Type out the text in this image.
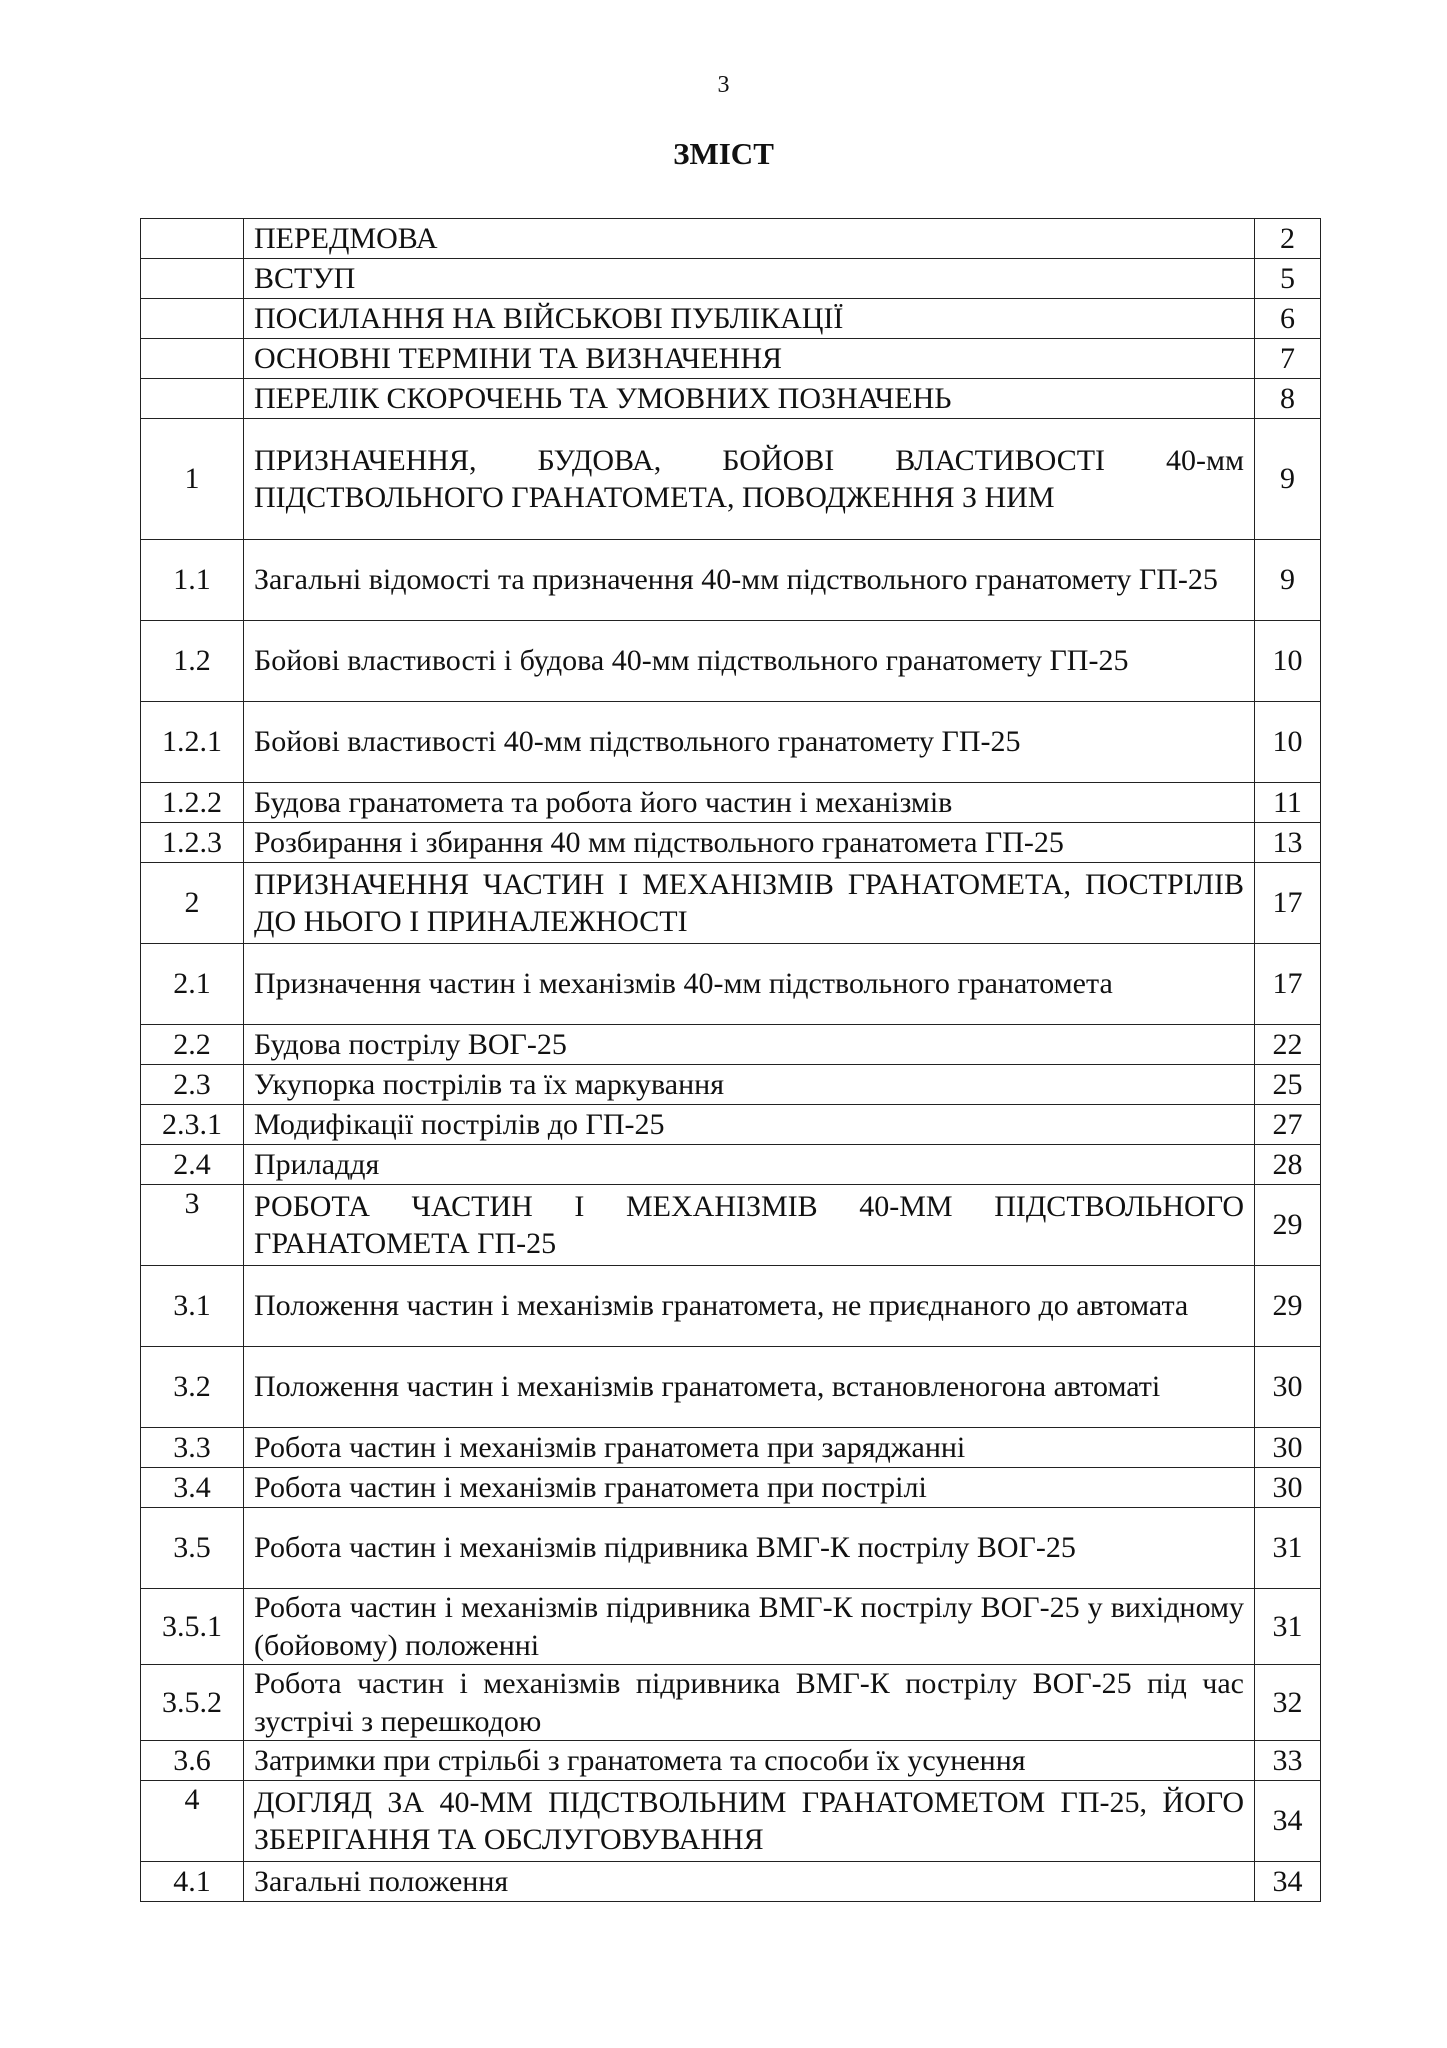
3
ЗМІСТ
	ПЕРЕДМОВА	2
	ВСТУП	5
	ПОСИЛАННЯ НА ВІЙСЬКОВІ ПУБЛІКАЦІЇ	6
	ОСНОВНІ ТЕРМІНИ ТА ВИЗНАЧЕННЯ	7
	ПЕРЕЛІК СКОРОЧЕНЬ ТА УМОВНИХ ПОЗНАЧЕНЬ	8
1	ПРИЗНАЧЕННЯ, БУДОВА, БОЙОВІ ВЛАСТИВОСТІ 40-мм ПІДСТВОЛЬНОГО ГРАНАТОМЕТА, ПОВОДЖЕННЯ З НИМ	9
1.1	Загальні відомості та призначення 40-мм підствольного гранатомету ГП-25	9
1.2	Бойові властивості і будова 40-мм підствольного гранатомету ГП-25	10
1.2.1	Бойові властивості 40-мм підствольного гранатомету ГП-25	10
1.2.2	Будова гранатомета та робота його частин і механізмів	11
1.2.3	Розбирання і збирання 40 мм підствольного гранатомета ГП-25	13
2	ПРИЗНАЧЕННЯ ЧАСТИН І МЕХАНІЗМІВ ГРАНАТОМЕТА, ПОСТРІЛІВ ДО НЬОГО І ПРИНАЛЕЖНОСТІ	17
2.1	Призначення частин і механізмів 40-мм підствольного гранатомета	17
2.2	Будова пострілу ВОГ-25	22
2.3	Укупорка пострілів та їх маркування	25
2.3.1	Модифікації пострілів до ГП-25	27
2.4	Приладдя	28
3	РОБОТА ЧАСТИН І МЕХАНІЗМІВ 40-ММ ПІДСТВОЛЬНОГО ГРАНАТОМЕТА ГП-25	29
3.1	Положення частин і механізмів гранатомета, не приєднаного до автомата	29
3.2	Положення частин і механізмів гранатомета, встановленогона автоматі	30
3.3	Робота частин і механізмів гранатомета при заряджанні	30
3.4	Робота частин і механізмів гранатомета при пострілі	30
3.5	Робота частин і механізмів підривника ВМГ-К пострілу ВОГ-25	31
3.5.1	Робота частин і механізмів підривника ВМГ-К пострілу ВОГ-25 у вихідному (бойовому) положенні	31
3.5.2	Робота частин і механізмів підривника ВМГ-К пострілу ВОГ-25 під час зустрічі з перешкодою	32
3.6	Затримки при стрільбі з гранатомета та способи їх усунення	33
4	ДОГЛЯД ЗА 40-ММ ПІДСТВОЛЬНИМ ГРАНАТОМЕТОМ ГП-25, ЙОГО ЗБЕРІГАННЯ ТА ОБСЛУГОВУВАННЯ	34
4.1	Загальні положення	34
